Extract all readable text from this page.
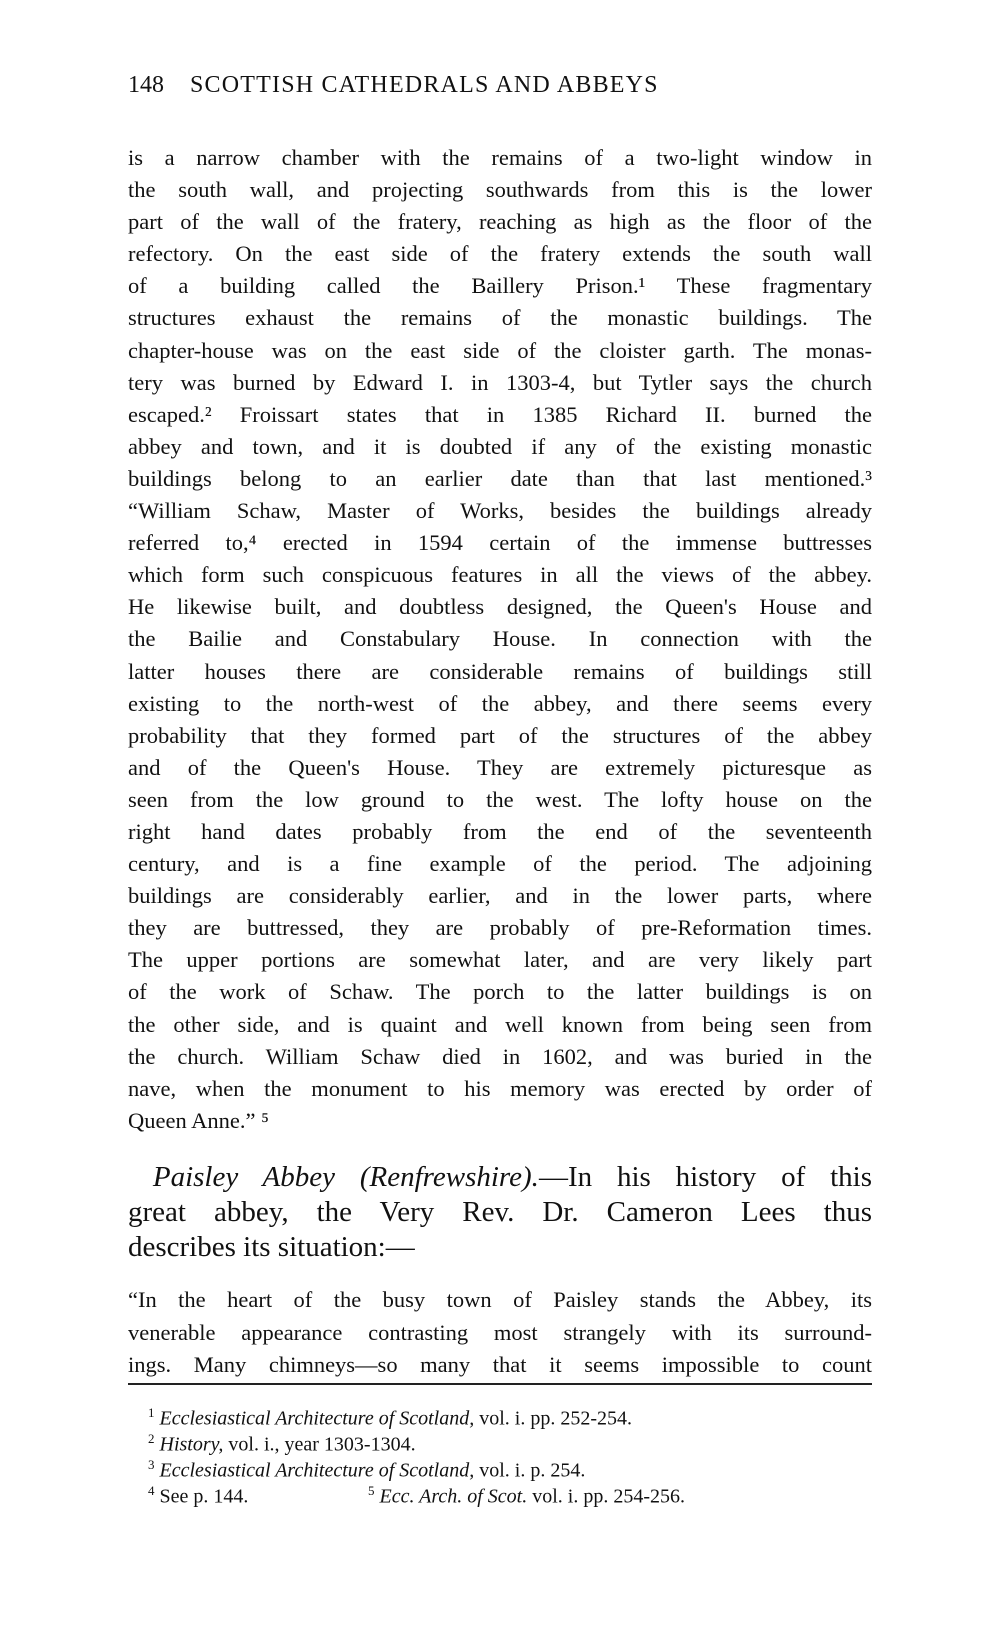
148 SCOTTISH CATHEDRALS AND ABBEYS
is a narrow chamber with the remains of a two-light window in
the south wall, and projecting southwards from this is the lower
part of the wall of the fratery, reaching as high as the floor of the
refectory. On the east side of the fratery extends the south wall
of a building called the Baillery Prison.¹ These fragmentary
structures exhaust the remains of the monastic buildings. The
chapter-house was on the east side of the cloister garth. The monas-
tery was burned by Edward I. in 1303-4, but Tytler says the church
escaped.² Froissart states that in 1385 Richard II. burned the
abbey and town, and it is doubted if any of the existing monastic
buildings belong to an earlier date than that last mentioned.³
“William Schaw, Master of Works, besides the buildings already
referred to,⁴ erected in 1594 certain of the immense buttresses
which form such conspicuous features in all the views of the abbey.
He likewise built, and doubtless designed, the Queen's House and
the Bailie and Constabulary House. In connection with the
latter houses there are considerable remains of buildings still
existing to the north-west of the abbey, and there seems every
probability that they formed part of the structures of the abbey
and of the Queen's House. They are extremely picturesque as
seen from the low ground to the west. The lofty house on the
right hand dates probably from the end of the seventeenth
century, and is a fine example of the period. The adjoining
buildings are considerably earlier, and in the lower parts, where
they are buttressed, they are probably of pre-Reformation times.
The upper portions are somewhat later, and are very likely part
of the work of Schaw. The porch to the latter buildings is on
the other side, and is quaint and well known from being seen from
the church. William Schaw died in 1602, and was buried in the
nave, when the monument to his memory was erected by order of
Queen Anne.” ⁵
Paisley Abbey (Renfrewshire).—In his history of this
great abbey, the Very Rev. Dr. Cameron Lees thus
describes its situation:—
“In the heart of the busy town of Paisley stands the Abbey, its
venerable appearance contrasting most strangely with its surround-
ings. Many chimneys—so many that it seems impossible to count
$^1$ Ecclesiastical Architecture of Scotland, vol. i. pp. 252-254.
$^2$ History, vol. i., year 1303-1304.
$^3$ Ecclesiastical Architecture of Scotland, vol. i. p. 254.
$^4$ See p. 144.	$^5$ Ecc. Arch. of Scot. vol. i. pp. 254-256.
